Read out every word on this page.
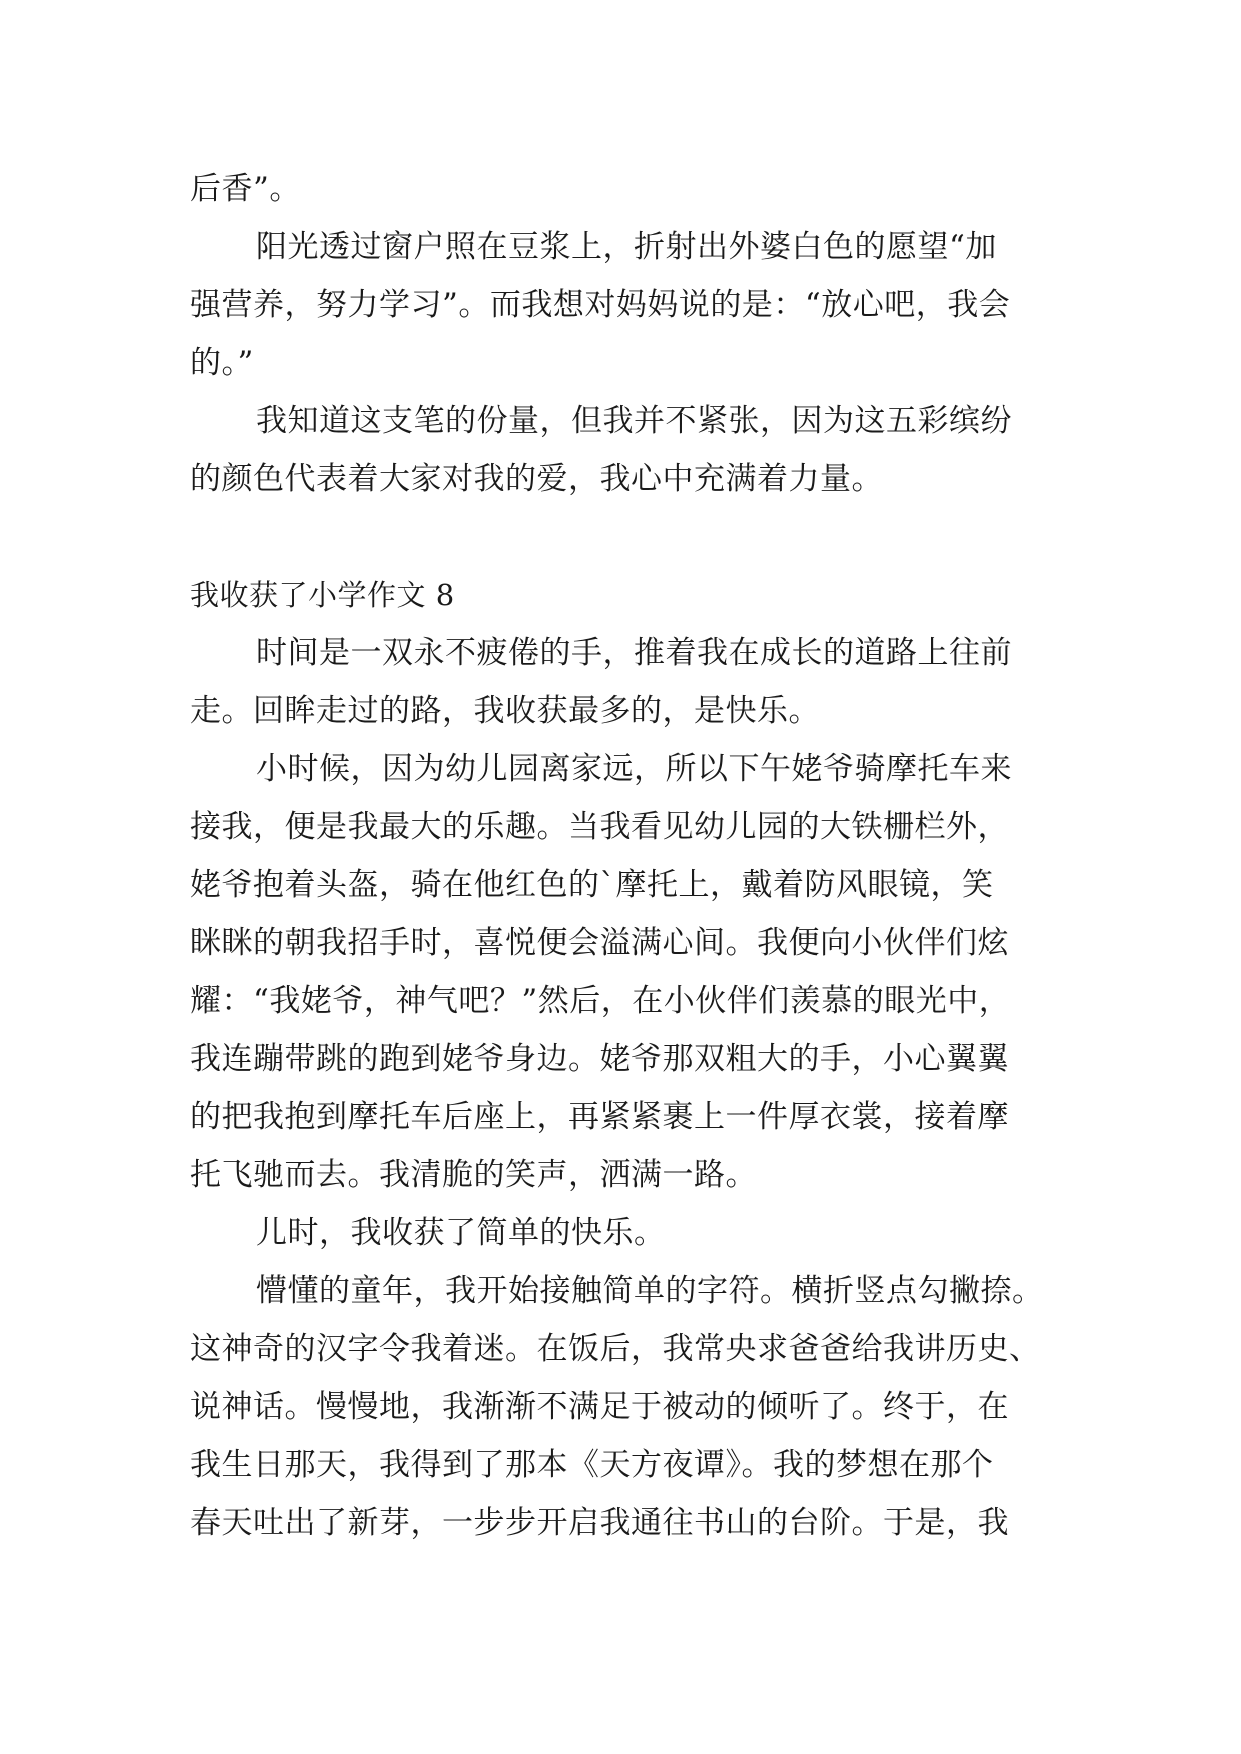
后香”。
阳光透过窗户照在豆浆上，折射出外婆白色的愿望“加
强营养，努力学习”。而我想对妈妈说的是：“放心吧，我会
的。”
我知道这支笔的份量，但我并不紧张，因为这五彩缤纷
的颜色代表着大家对我的爱，我心中充满着力量。
我收获了小学作文 8
时间是一双永不疲倦的手，推着我在成长的道路上往前
走。回眸走过的路，我收获最多的，是快乐。
小时候，因为幼儿园离家远，所以下午姥爷骑摩托车来
接我，便是我最大的乐趣。当我看见幼儿园的大铁栅栏外，
姥爷抱着头盔，骑在他红色的`摩托上，戴着防风眼镜，笑
眯眯的朝我招手时，喜悦便会溢满心间。我便向小伙伴们炫
耀：“我姥爷，神气吧？”然后，在小伙伴们羡慕的眼光中，
我连蹦带跳的跑到姥爷身边。姥爷那双粗大的手，小心翼翼
的把我抱到摩托车后座上，再紧紧裹上一件厚衣裳，接着摩
托飞驰而去。我清脆的笑声，洒满一路。
儿时，我收获了简单的快乐。
懵懂的童年，我开始接触简单的字符。横折竖点勾撇捺。
这神奇的汉字令我着迷。在饭后，我常央求爸爸给我讲历史、
说神话。慢慢地，我渐渐不满足于被动的倾听了。终于，在
我生日那天，我得到了那本《天方夜谭》。我的梦想在那个
春天吐出了新芽，一步步开启我通往书山的台阶。于是，我
